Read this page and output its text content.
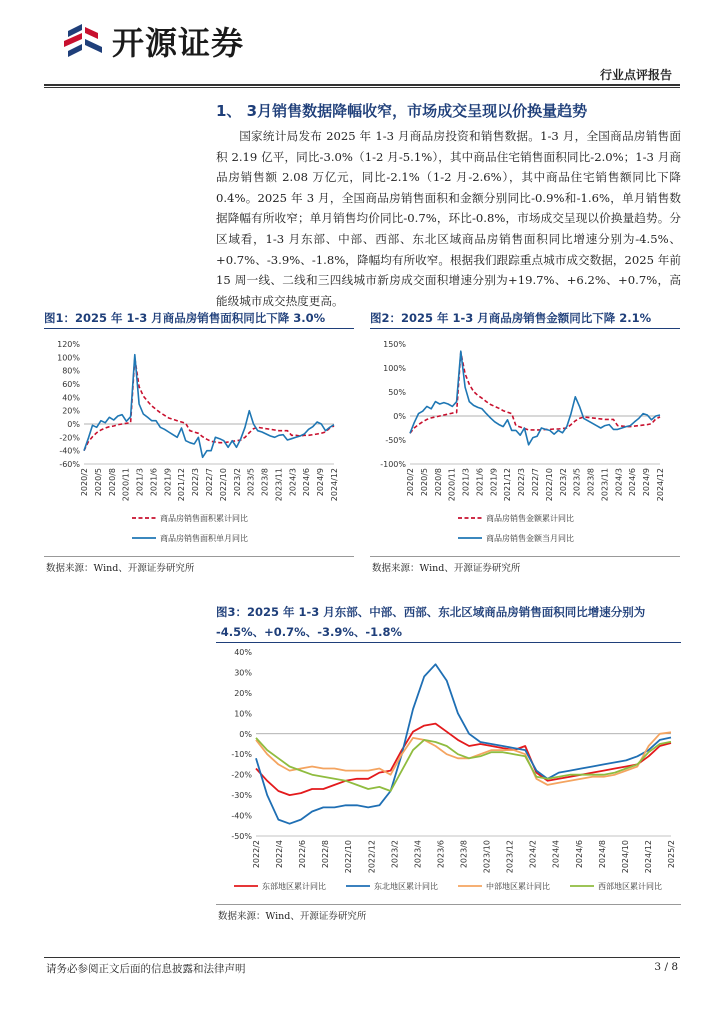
开源证券
行业点评报告
1、 3月销售数据降幅收窄，市场成交呈现以价换量趋势
国家统计局发布 2025 年 1-3 月商品房投资和销售数据。1-3 月，全国商品房销售面积 2.19 亿平，同比-3.0%（1-2 月-5.1%），其中商品住宅销售面积同比-2.0%；1-3 月商品房销售额 2.08 万亿元，同比-2.1%（1-2 月-2.6%），其中商品住宅销售额同比下降 0.4%。2025 年 3 月，全国商品房销售面积和金额分别同比-0.9%和-1.6%，单月销售数据降幅有所收窄；单月销售均价同比-0.7%，环比-0.8%，市场成交呈现以价换量趋势。分区域看，1-3 月东部、中部、西部、东北区域商品房销售面积同比增速分别为-4.5%、+0.7%、-3.9%、-1.8%，降幅均有所收窄。根据我们跟踪重点城市成交数据，2025 年前 15 周一线、二线和三四线城市新房成交面积增速分别为+19.7%、+6.2%、+0.7%，高能级城市成交热度更高。
图1：2025 年 1-3 月商品房销售面积同比下降 3.0%
-60%
-40%
-20%
0%
20%
40%
60%
80%
100%
120%
2020/2 2020/5 2020/8 2020/11 2021/3 2021/6 2021/9 2021/12 2022/3 2022/7 2022/10 2023/2 2023/5 2023/8 2023/11 2024/3 2024/6 2024/9 2024/12
商品房销售面积累计同比
商品房销售面积单月同比
数据来源：Wind、开源证券研究所
图2：2025 年 1-3 月商品房销售金额同比下降 2.1%
-100%
-50%
0%
50%
100%
150%
2020/2 2020/5 2020/8 2020/11 2021/3 2021/6 2021/9 2021/12 2022/3 2022/7 2022/10 2023/2 2023/5 2023/8 2023/11 2024/3 2024/6 2024/9 2024/12
商品房销售金额累计同比
商品房销售金额当月同比
数据来源：Wind、开源证券研究所
图3：2025 年 1-3 月东部、中部、西部、东北区域商品房销售面积同比增速分别为
-4.5%、+0.7%、-3.9%、-1.8%
-50%
-40%
-30%
-20%
-10%
0%
10%
20%
30%
40%
2022/2 2022/4 2022/6 2022/8 2022/10 2022/12 2023/2 2023/4 2023/6 2023/8 2023/10 2023/12 2024/2 2024/4 2024/6 2024/8 2024/10 2024/12 2025/2
东部地区累计同比	东北地区累计同比	中部地区累计同比	西部地区累计同比
数据来源：Wind、开源证券研究所
请务必参阅正文后面的信息披露和法律声明	3 / 8
